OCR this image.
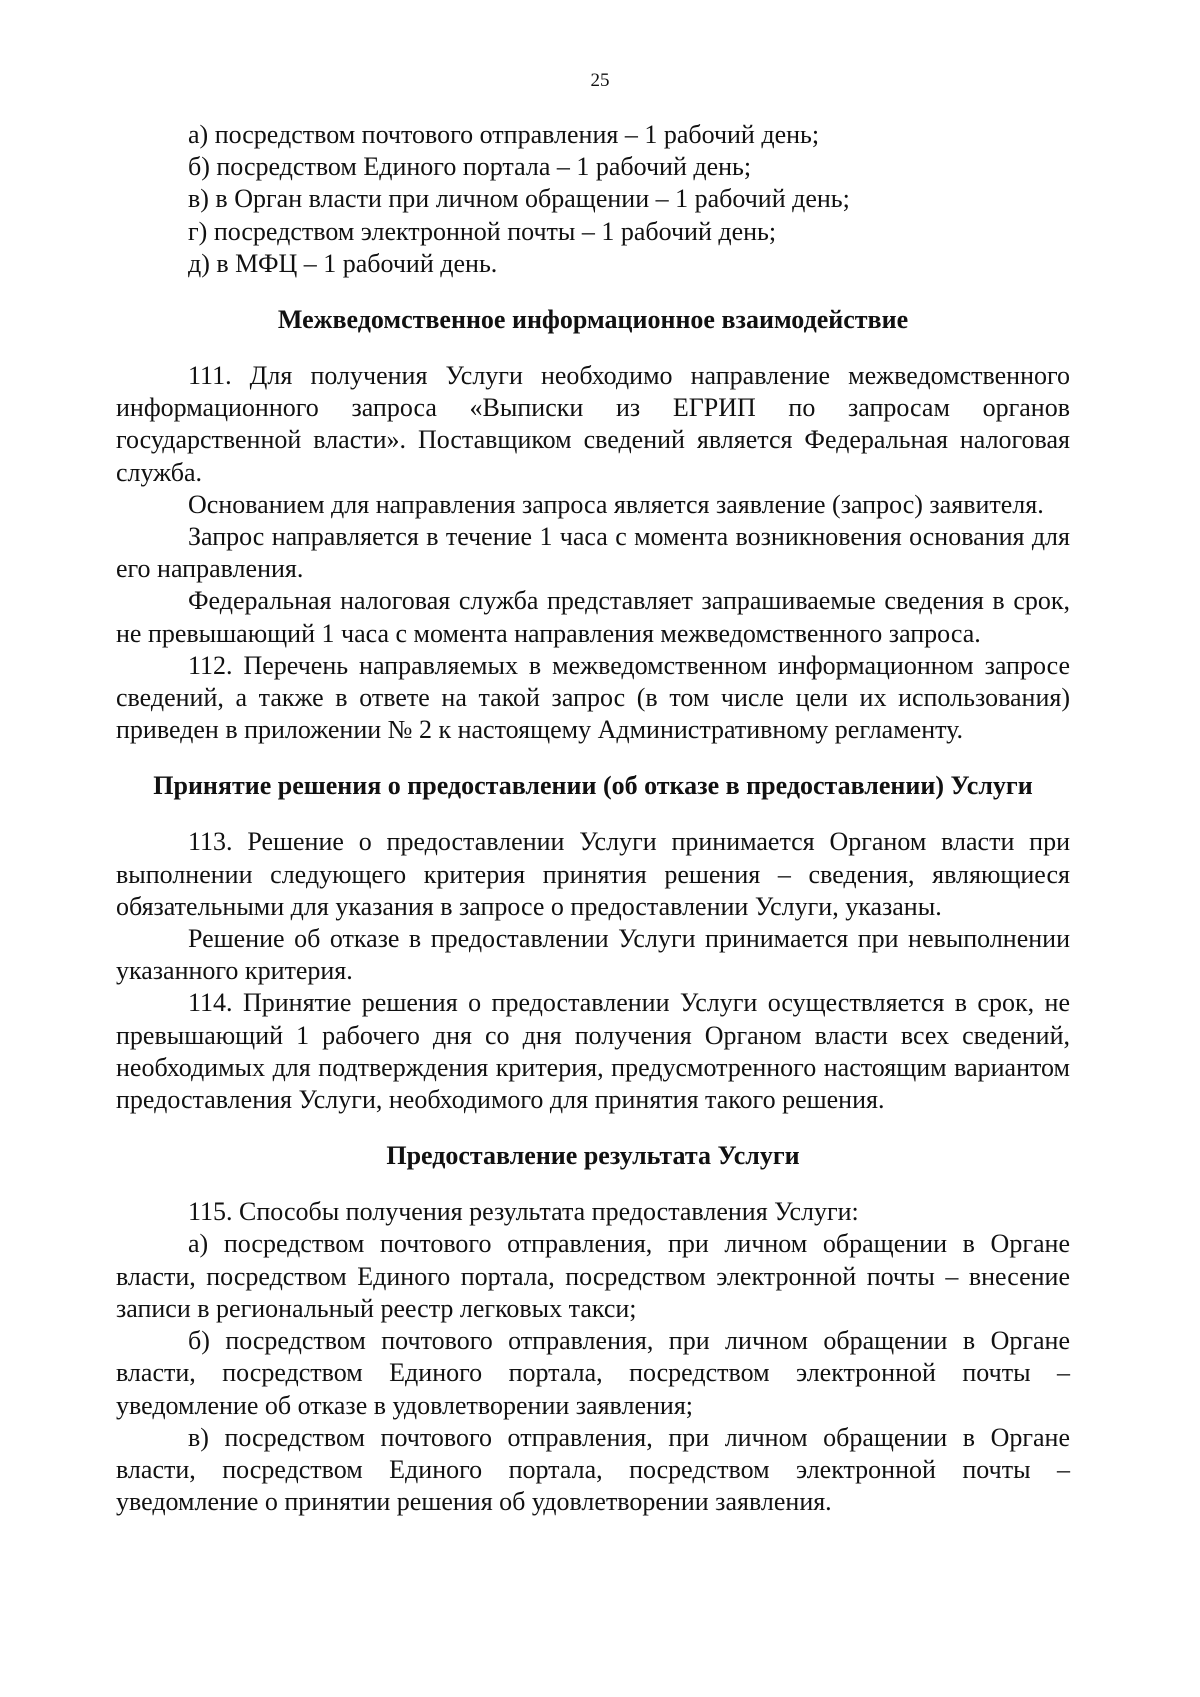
25
а) посредством почтового отправления – 1 рабочий день;
б) посредством Единого портала – 1 рабочий день;
в) в Орган власти при личном обращении – 1 рабочий день;
г) посредством электронной почты – 1 рабочий день;
д) в МФЦ – 1 рабочий день.
Межведомственное информационное взаимодействие

111. Для получения Услуги необходимо направление межведомственного информационного запроса «Выписки из ЕГРИП по запросам органов государственной власти». Поставщиком сведений является Федеральная налоговая служба.

Основанием для направления запроса является заявление (запрос) заявителя.

Запрос направляется в течение 1 часа с момента возникновения основания для его направления.

Федеральная налоговая служба представляет запрашиваемые сведения в срок, не превышающий 1 часа с момента направления межведомственного запроса.

112. Перечень направляемых в межведомственном информационном запросе сведений, а также в ответе на такой запрос (в том числе цели их использования) приведен в приложении № 2 к настоящему Административному регламенту.

Принятие решения о предоставлении (об отказе в предоставлении) Услуги

113. Решение о предоставлении Услуги принимается Органом власти при выполнении следующего критерия принятия решения – сведения, являющиеся обязательными для указания в запросе о предоставлении Услуги, указаны.

Решение об отказе в предоставлении Услуги принимается при невыполнении указанного критерия.

114. Принятие решения о предоставлении Услуги осуществляется в срок, не превышающий 1 рабочего дня со дня получения Органом власти всех сведений, необходимых для подтверждения критерия, предусмотренного настоящим вариантом предоставления Услуги, необходимого для принятия такого решения.

Предоставление результата Услуги

115. Способы получения результата предоставления Услуги:

а) посредством почтового отправления, при личном обращении в Органе власти, посредством Единого портала, посредством электронной почты – внесение записи в региональный реестр легковых такси;

б) посредством почтового отправления, при личном обращении в Органе власти, посредством Единого портала, посредством электронной почты – уведомление об отказе в удовлетворении заявления;

в) посредством почтового отправления, при личном обращении в Органе власти, посредством Единого портала, посредством электронной почты – уведомление о принятии решения об удовлетворении заявления.
